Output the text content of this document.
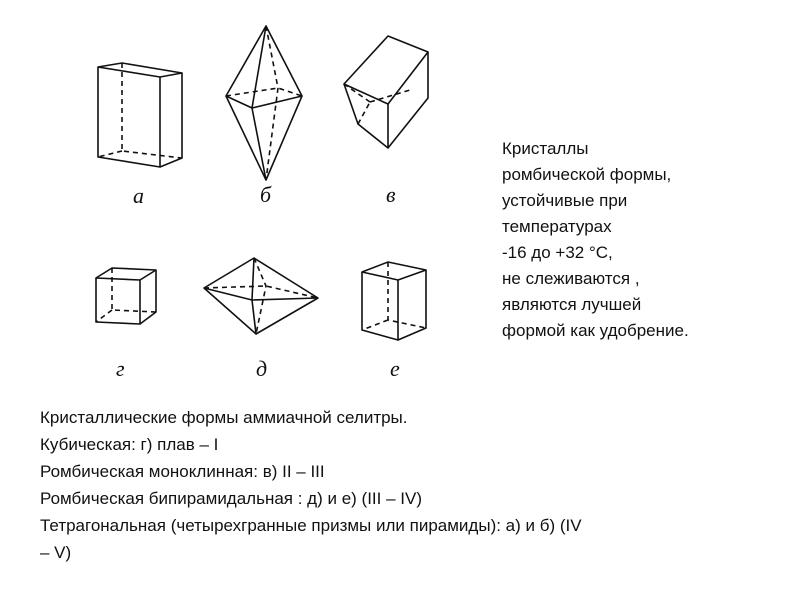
а	б	в
г	д	е
Кристаллы
ромбической формы,
устойчивые при
температурах
-16 до +32 °С,
не слеживаются ,
являются лучшей
формой как удобрение.
Кристаллические формы аммиачной селитры.
Кубическая: г) плав – I
Ромбическая моноклинная: в) II – III
Ромбическая бипирамидальная : д) и е) (III – IV)
Тетрагональная (четырехгранные призмы или пирамиды): а) и б) (IV
– V)
